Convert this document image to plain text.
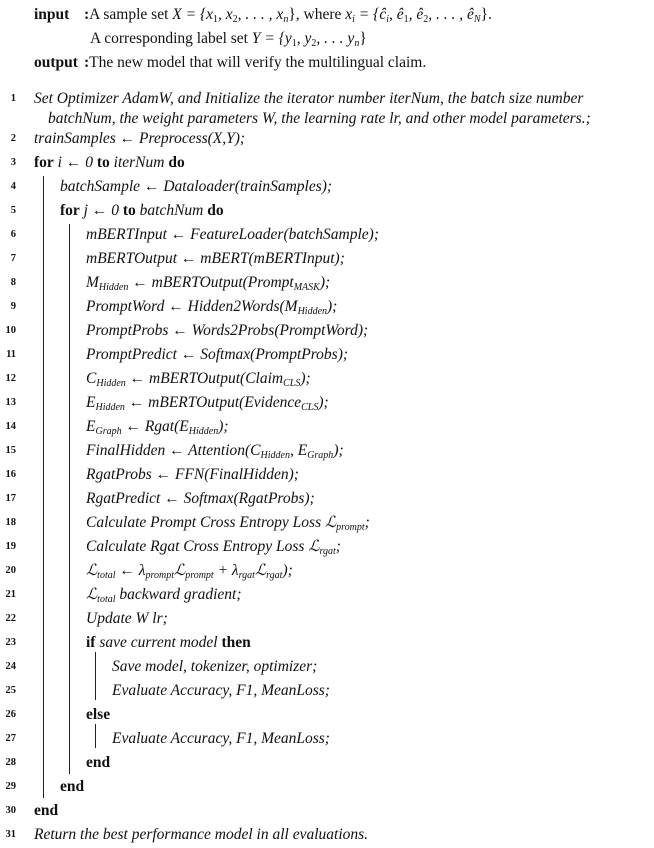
input :A sample set $X = \{x_1$, $x_2$, . . . , $x_n$}, where $x_i$ = {$ĉ_i$, $ê_1$, $ê_2$, . . . , $ê_N$}.
A corresponding label set $Y = \{y_1$, $y_2$, . . . $y_n$}
output :The new model that will verify the multilingual claim.
1 Set Optimizer AdamW, and Initialize the iterator number iterNum, the batch size number
batchNum, the weight parameters W, the learning rate lr, and other model parameters.;
2 trainSamples ← Preprocess(X,Y);
3 for i ← 0 to iterNum do
4	batchSample ← Dataloader(trainSamples);
5	for j ← 0 to batchNum do
6	mBERTInput ← FeatureLoader(batchSample);
7	mBERTOutput ← mBERT(mBERTInput);
8	$M_{Hidden}$ ← mBERTOutput(Prompt$_{MASK}$);
9	PromptWord ← $Hidden2Words(M_{Hidden})$;
10	PromptProbs ← Words2Probs(PromptWord);
11	PromptPredict ← Softmax(PromptProbs);
12	$C_{Hidden}$ ← mBERTOutput(Claim$_{CLS}$);
13	$E_{Hidden}$ ← mBERTOutput(Evidence$_{CLS}$);
14	$E_{Graph}$ ← $Rgat(E_{Hidden})$;
15	FinalHidden ← $Attention(C_{Hidden}$, $E_{Graph}$);
16	RgatProbs ← FFN(FinalHidden);
17	RgatPredict ← Softmax(RgatProbs);
18	Calculate Prompt Cross Entropy Loss ℒ$_{prompt}$;
19	Calculate Rgat Cross Entropy Loss ℒ$_{rgat}$;
20	ℒ$_{total}$ ← $\lambda_{prompt}ℒ_{prompt}$ + $\lambda_{rgat}ℒ_{rgat}$);
21	ℒ$_{total}$ backward gradient;
22	Update W lr;
23	if save current model then
24	Save model, tokenizer, optimizer;
25	Evaluate Accuracy, F1, MeanLoss;
26	else
27	Evaluate Accuracy, F1, MeanLoss;
28	end
29	end
30 end
31 Return the best performance model in all evaluations.
